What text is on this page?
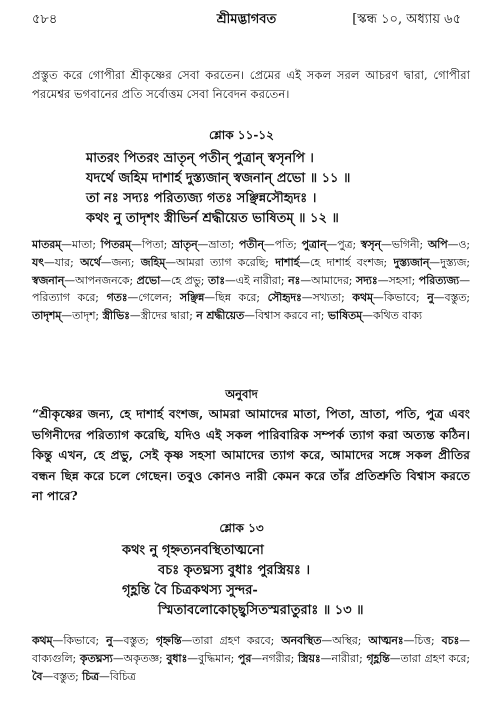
শ্রীমদ্ভাগবত
৫৮৪	[স্কন্ধ ১০, অধ্যায় ৬৫

প্রস্তুত করে গোপীরা শ্রীকৃষ্ণের সেবা করতেন। প্রেমের এই সকল সরল আচরণ দ্বারা, গোপীরা পরমেশ্বর ভগবানের প্রতি সর্বোত্তম সেবা নিবেদন করতেন।

শ্লোক ১১-১২
মাতরং পিতরং ভ্রাতৃন্‌ পতীন্‌ পুত্রান্‌ স্বসৃনপি ।
যদর্থে জহিম দাশার্হ দুস্ত্যজান্‌ স্বজনান্‌ প্রভো ॥ ১১ ॥
তা নঃ সদ্যঃ পরিত্যজ্য গতঃ সঞ্ছিন্নসৌহৃদঃ ।
কথং নু তাদৃশং স্ত্রীভির্ন শ্রদ্ধীয়েত ভাষিতম্‌ ॥ ১২ ॥

মাতরম্‌—মাতা; পিতরম্‌—পিতা; ভ্রাতৃন্‌—ভ্রাতা; পতীন্‌—পতি; পুত্রান্‌—পুত্র; স্বসৃন্‌—ভগিনী; অপি—ও; যৎ—যার; অর্থে—জন্য; জহিম্‌—আমরা ত্যাগ করেছি; দাশার্হ—হে দাশার্হ বংশজ; দুস্ত্যজান্‌—দুস্ত্যজ; স্বজনান্‌—আপনজনকে; প্রভো—হে প্রভু; তাঃ—এই নারীরা; নঃ—আমাদের; সদ্যঃ—সহসা; পরিত্যজ্য—পরিত্যাগ করে; গতঃ—গেলেন; সঞ্ছিন্ন—ছিন্ন করে; সৌহৃদঃ—সখ্যতা; কথম্‌—কিভাবে; নু—বস্তুত; তাদৃশম্‌—তাদৃশ; স্ত্রীভিঃ—স্ত্রীদের দ্বারা; ন শ্রদ্ধীয়েত—বিশ্বাস করবে না; ভাষিতম্‌—কথিত বাক্য

অনুবাদ

“শ্রীকৃষ্ণের জন্য, হে দাশার্হ বংশজ, আমরা আমাদের মাতা, পিতা, ভ্রাতা, পতি, পুত্র এবং ভগিনীদের পরিত্যাগ করেছি, যদিও এই সকল পারিবারিক সম্পর্ক ত্যাগ করা অত্যন্ত কঠিন। কিন্তু এখন, হে প্রভু, সেই কৃষ্ণ সহসা আমাদের ত্যাগ করে, আমাদের সঙ্গে সকল প্রীতির বন্ধন ছিন্ন করে চলে গেছেন। তবুও কোনও নারী কেমন করে তাঁর প্রতিশ্রুতি বিশ্বাস করতে না পারে?

শ্লোক ১৩
কথং নু গৃহ্নত্যনবস্থিতাত্মনো
বচঃ কৃতঘ্নস্য বুধাঃ পুরস্ত্রিয়ঃ ।
গৃহ্ণন্তি বৈ চিত্রকথস্য সুন্দর-
স্মিতাবলোকোচ্ছ্বসিতস্মরাতুরাঃ ॥ ১৩ ॥

কথম্‌—কিভাবে; নু—বস্তুত; গৃহ্নন্তি—তারা গ্রহণ করবে; অনবস্থিত—অস্থির; আত্মনঃ—চিত্ত; বচঃ—বাক্যগুলি; কৃতঘ্নস্য—অকৃতজ্ঞ; বুধাঃ—বুদ্ধিমান; পুর—নগরীর; স্ত্রিয়ঃ—নারীরা; গৃহ্ণন্তি—তারা গ্রহণ করে; বৈ—বস্তুত; চিত্র—বিচিত্র
